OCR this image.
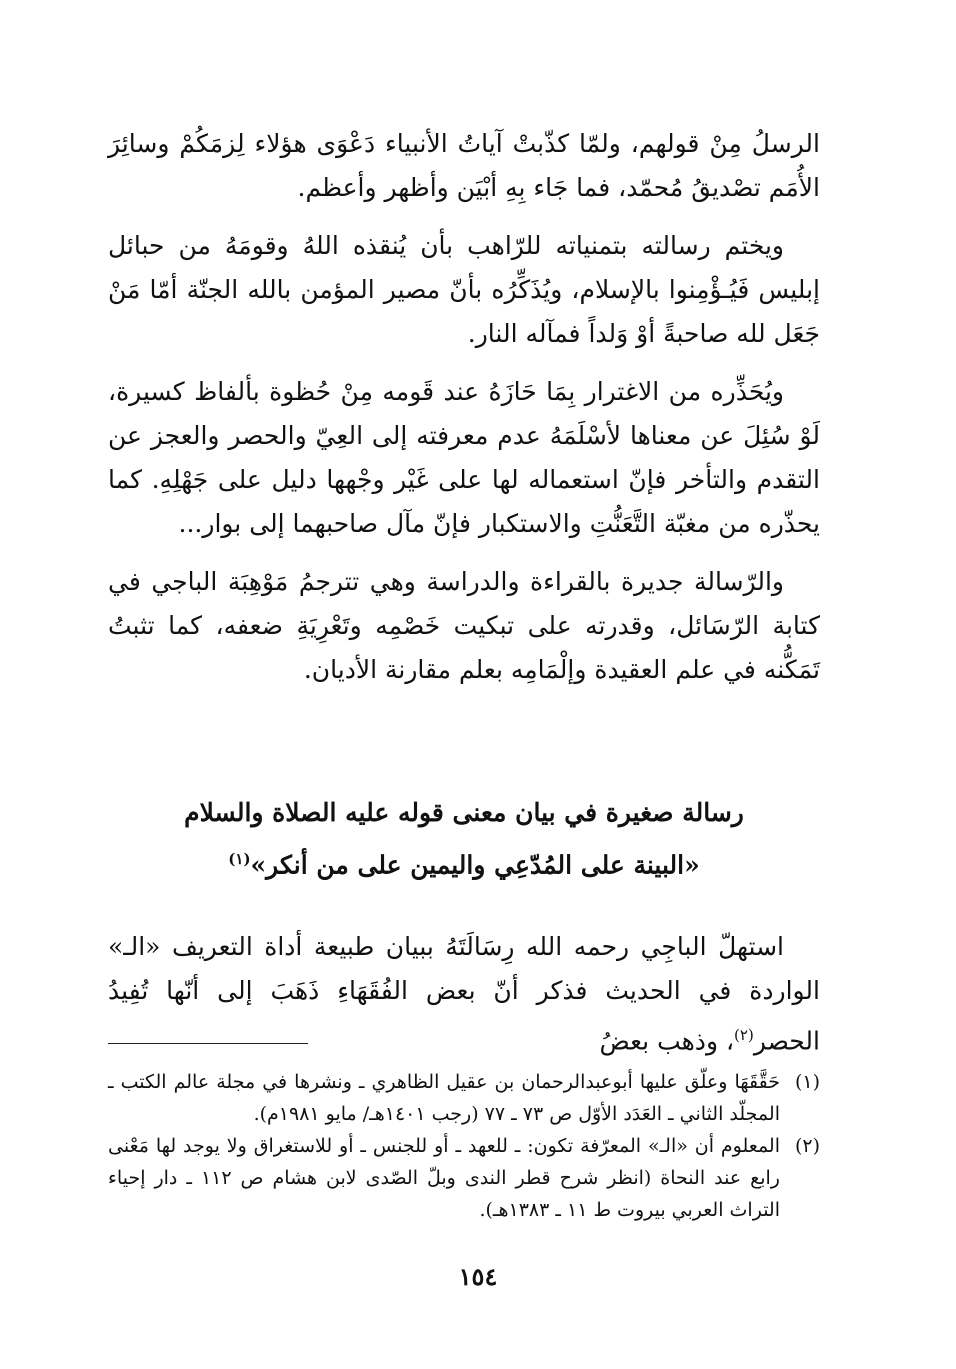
الرسلُ مِنْ قولهم، ولمّا كذّبتْ آياتُ الأنبياء دَعْوَى هؤلاء لِزمَكُمْ وسائِرَ الأُمَم تصْديقُ مُحمّد، فما جَاء بِهِ أبْيَن وأظهر وأعظم.

ويختم رسالته بتمنياته للرّاهب بأن يُنقذه اللهُ وقومَهُ من حبائل إبليس فَيُـؤْمِنوا بالإسلام، ويُذَكِّرُه بأنّ مصير المؤمن بالله الجنّة أمّا مَنْ جَعَل لله صاحبةً أوْ وَلداً فمآله النار.

ويُحَذِّره من الاغترار بِمَا حَازَهُ عند قَومه مِنْ حُظوة بألفاظ كسيرة، لَوْ سُئِلَ عن معناها لأسْلَمَهُ عدم معرفته إلى العِيّ والحصر والعجز عن التقدم والتأخر فإنّ استعماله لها على غَيْر وجْهها دليل على جَهْلِهِ. كما يحذّره من مغبّة التَّعَنُّتِ والاستكبار فإنّ مآل صاحبهما إلى بوار...

والرّسالة جديرة بالقراءة والدراسة وهي تترجمُ مَوْهِبَة الباجي في كتابة الرّسَائل، وقدرته على تبكيت خَصْمِه وتَعْرِيَةِ ضعفه، كما تثبتُ تَمَكُّنه في علم العقيدة وإلْمَامِه بعلم مقارنة الأديان.

رسالة صغيرة في بيان معنى قوله عليه الصلاة والسلام
«البينة على المُدّعِي واليمين على من أنكر»$^{(١)}$

استهلّ الباجِي رحمه الله رِسَالَتَهُ ببيان طبيعة أداة التعريف «الـ» الواردة في الحديث فذكر أنّ بعض الفُقَهَاءِ ذَهَبَ إلى أنّها تُفِيدُ الحصر$^{(٢)}$، وذهب بعضُ

(١)
حَقَّقَهَا وعلّق عليها أبوعبدالرحمان بن عقيل الظاهري ـ ونشرها في مجلة عالم الكتب ـ المجلّد الثاني ـ العَدَد الأوّل ص ٧٣ ـ ٧٧ (رجب ١٤٠١هـ/ مايو ١٩٨١م).
(٢)
المعلوم أن «الـ» المعرّفة تكون: ـ للعهد ـ أو للجنس ـ أو للاستغراق ولا يوجد لها مَعْنى رابع عند النحاة (انظر شرح قطر الندى وبلّ الصّدى لابن هشام ص ١١٢ ـ دار إحياء التراث العربي بيروت ط ١١ ـ ١٣٨٣هـ).
١٥٤
